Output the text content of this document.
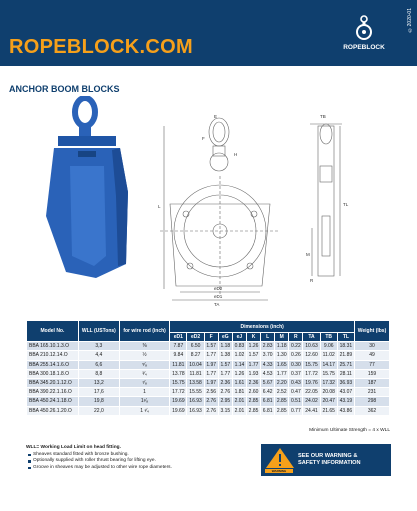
ROPEBLOCK.COM
©2020-01
ROPEBLOCK
ANCHOR BOOM BLOCKS
E
F
L
H
eD2
eD1
TA
TB
TL
M
R
Model No.	WLL (USTons)	for wire rod (inch)	Dimensions (inch)												Weight (lbs)
			eD1	eD2	F	eG	eJ	K	L	M	R	TA	TB	TL	
BBA 165.10.1.3.O	3,3	⅜	7.87	6.50	1.57	1.18	0.83	1.26	2.83	1.18	0.22	10.63	9.06	18.31	30
BBA 210.12.14.O	4,4	½	9.84	8.27	1.77	1.38	1.02	1.57	3.70	1.30	0.26	12.60	11.02	21.89	49
BBA 255.14.1.6.O	6,6	⁵⁄₈	11.81	10.04	1.97	1.57	1.14	1.77	4.33	1.65	0.30	15.75	14.17	25.71	77
BBA 300.18.1.8.O	8,8	³⁄₄	13.78	11.81	1.77	1.77	1.26	1.93	4.53	1.77	0.37	17.72	15.75	28.11	159
BBA 345.20.1.12.O	13,2	⁷⁄₈	15.75	13.58	1.97	2.36	1.61	2.36	5.67	2.20	0.43	19.76	17.32	36.93	187
BBA 390.22.1.16.O	17,6	1	17.72	15.55	2.56	2.76	1.81	2.60	6.42	2.52	0.47	22.05	20.08	43.07	231
BBA 450.24.1.18.O	19,8	1¹⁄₈	19.69	16.93	2.76	2.95	2.01	2.85	6.81	2.85	0.51	24.02	20.47	43.19	298
BBA 450.26.1.20.O	22,0	1 ¹⁄₄	19.69	16.93	2.76	3.15	2.01	2.85	6.81	2.85	0.77	24.41	21.65	43.86	362
Minimum Ultimate Strength = 4 x WLL
WLL= Working Load Limit on head fitting.
Sheaves standard fitted with bronze bushing.
Optionally supplied with roller thrust bearing for lifting eye.
Groove in sheaves may be adjusted to other wire rope diameters.
WARNING
SEE OUR WARNING &
SAFETY INFORMATION
